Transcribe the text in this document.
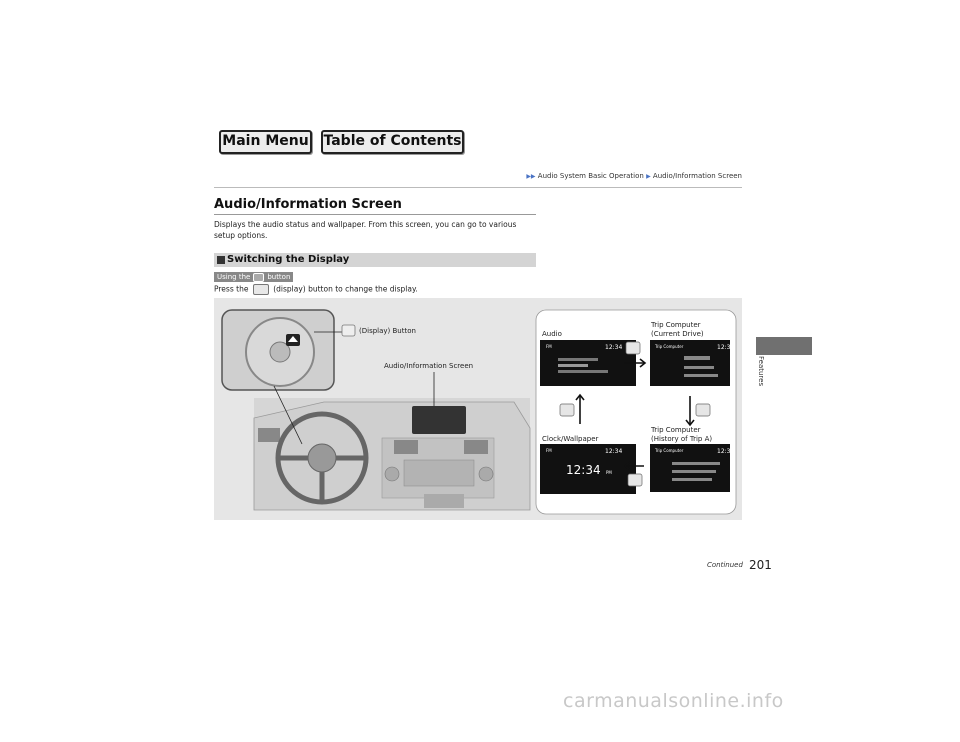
Main Menu Table of Contents
▶▶ Audio System Basic Operation ▶ Audio/Information Screen
Audio/Information Screen
Displays the audio status and wallpaper. From this screen, you can go to various setup options.
Switching the Display
Using the button
Press the	(display) button to change the display.
(Display) Button
Audio/Information Screen
Audio
FM	12:34
Trip Computer
(Current Drive)
Trip Computer	12:34
Trip Computer
(History of Trip A)
Trip Computer	12:34
Clock/Wallpaper
FM	12:34
12:34 PM
Features
Continued 201
carmanualsonline.info
